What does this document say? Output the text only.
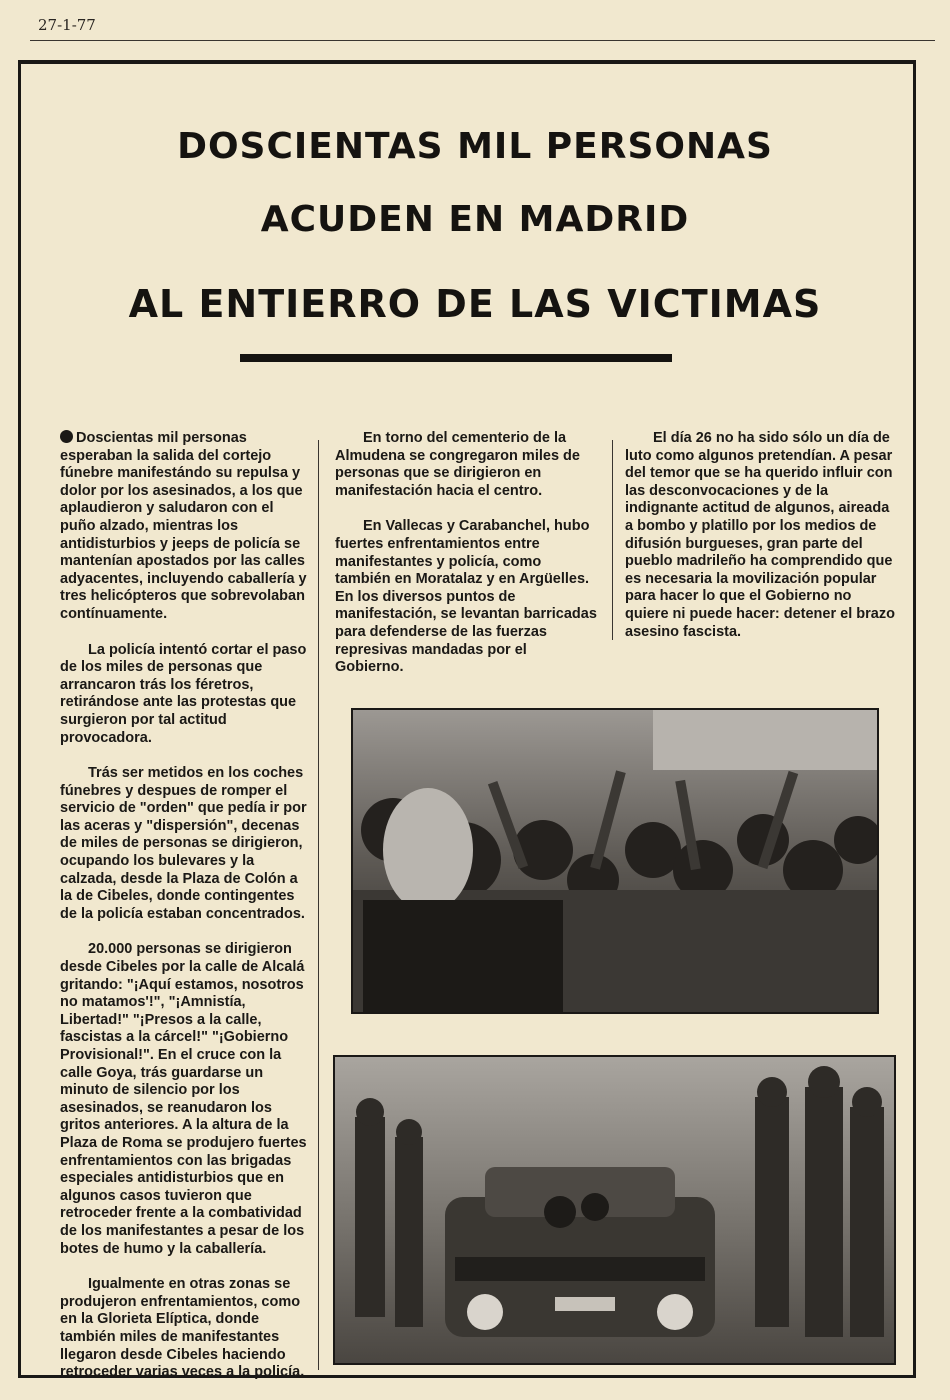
27-1-77
DOSCIENTAS MIL PERSONAS
ACUDEN EN MADRID
AL ENTIERRO DE LAS VICTIMAS

Doscientas mil personas esperaban la salida del cortejo fúnebre manifestándo su repulsa y dolor por los asesinados, a los que aplaudieron y saludaron con el puño alzado, mientras los antidisturbios y jeeps de policía se mantenían apostados por las calles adyacentes, incluyendo caballería y tres helicópteros que sobrevolaban contínuamente.

La policía intentó cortar el paso de los miles de personas que arrancaron trás los féretros, retirándose ante las protestas que surgieron por tal actitud provocadora.

Trás ser metidos en los coches fúnebres y despues de romper el servicio de "orden" que pedía ir por las aceras y "dispersión", decenas de miles de personas se dirigieron, ocupando los bulevares y la calzada, desde la Plaza de Colón a la de Cibeles, donde contingentes de la policía estaban concentrados.

20.000 personas se dirigieron desde Cibeles por la calle de Alcalá gritando: "¡Aquí estamos, nosotros no matamos'!", "¡Amnistía, Libertad!" "¡Presos a la calle, fascistas a la cárcel!" "¡Gobierno Provisional!". En el cruce con la calle Goya, trás guardarse un minuto de silencio por los asesinados, se reanudaron los gritos anteriores. A la altura de la Plaza de Roma se produjero fuertes enfrentamientos con las brigadas especiales antidisturbios que en algunos casos tuvieron que retroceder frente a la combatividad de los manifestantes a pesar de los botes de humo y la caballería.

Igualmente en otras zonas se produjeron enfrentamientos, como en la Glorieta Elíptica, donde también miles de manifestantes llegaron desde Cibeles haciendo retroceder varias veces a la policía.

En torno del cementerio de la Almudena se congregaron miles de personas que se dirigieron en manifestación hacia el centro.

En Vallecas y Carabanchel, hubo fuertes enfrentamientos entre manifestantes y policía, como también en Moratalaz y en Argüelles. En los diversos puntos de manifestación, se levantan barricadas para defenderse de las fuerzas represivas mandadas por el Gobierno.

El día 26 no ha sido sólo un día de luto como algunos pretendían. A pesar del temor que se ha querido influir con las desconvocaciones y de la indignante actitud de algunos, aireada a bombo y platillo por los medios de difusión burgueses, gran parte del pueblo madrileño ha comprendido que es necesaria la movilización popular para hacer lo que el Gobierno no quiere ni puede hacer: detener el brazo asesino fascista.
